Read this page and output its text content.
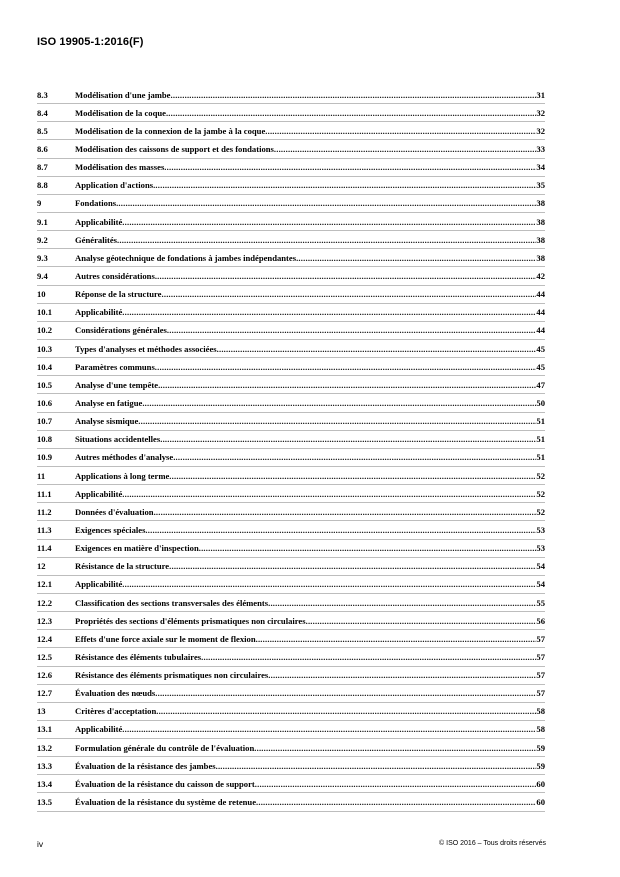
ISO 19905-1:2016(F)
8.3	Modélisation d'une jambe .....	31
8.4	Modélisation de la coque .....	32
8.5	Modélisation de la connexion de la jambe à la coque .....	32
8.6	Modélisation des caissons de support et des fondations .....	33
8.7	Modélisation des masses .....	34
8.8	Application d'actions .....	35
9	Fondations .....	38
9.1	Applicabilité .....	38
9.2	Généralités .....	38
9.3	Analyse géotechnique de fondations à jambes indépendantes .....	38
9.4	Autres considérations .....	42
10	Réponse de la structure .....	44
10.1	Applicabilité .....	44
10.2	Considérations générales .....	44
10.3	Types d'analyses et méthodes associées .....	45
10.4	Paramètres communs .....	45
10.5	Analyse d'une tempête .....	47
10.6	Analyse en fatigue .....	50
10.7	Analyse sismique .....	51
10.8	Situations accidentelles .....	51
10.9	Autres méthodes d'analyse .....	51
11	Applications à long terme .....	52
11.1	Applicabilité .....	52
11.2	Données d'évaluation .....	52
11.3	Exigences spéciales .....	53
11.4	Exigences en matière d'inspection .....	53
12	Résistance de la structure .....	54
12.1	Applicabilité .....	54
12.2	Classification des sections transversales des éléments .....	55
12.3	Propriétés des sections d'éléments prismatiques non circulaires .....	56
12.4	Effets d'une force axiale sur le moment de flexion .....	57
12.5	Résistance des éléments tubulaires .....	57
12.6	Résistance des éléments prismatiques non circulaires .....	57
12.7	Évaluation des nœuds .....	57
13	Critères d'acceptation .....	58
13.1	Applicabilité .....	58
13.2	Formulation générale du contrôle de l'évaluation .....	59
13.3	Évaluation de la résistance des jambes .....	59
13.4	Évaluation de la résistance du caisson de support .....	60
13.5	Évaluation de la résistance du système de retenue .....	60
iv	© ISO 2016 – Tous droits réservés
